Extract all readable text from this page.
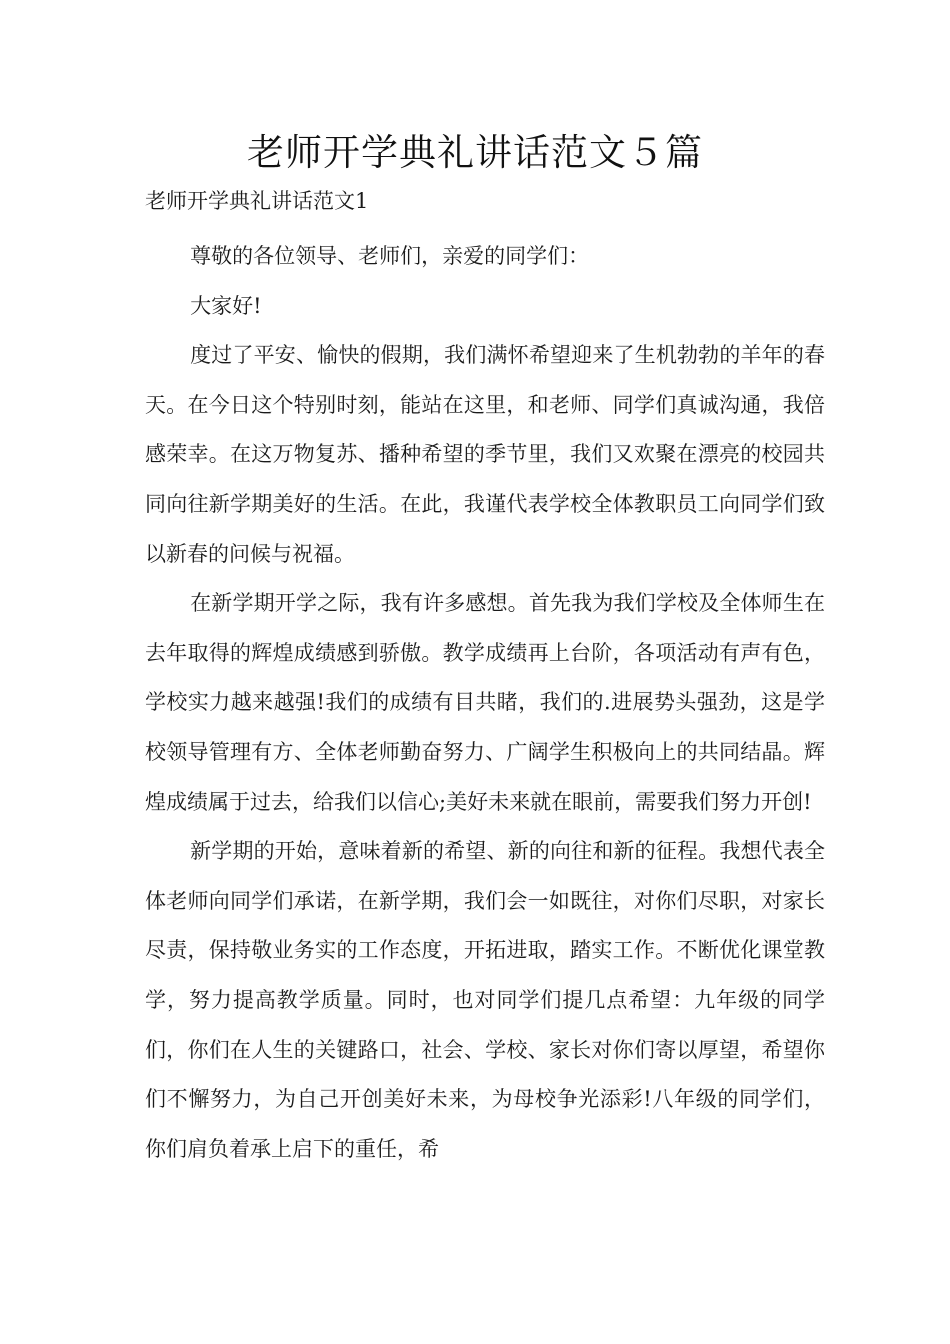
老师开学典礼讲话范文５篇
老师开学典礼讲话范文1

尊敬的各位领导、老师们，亲爱的同学们：

大家好!

度过了平安、愉快的假期，我们满怀希望迎来了生机勃勃的羊年的春天。在今日这个特别时刻，能站在这里，和老师、同学们真诚沟通，我倍感荣幸。在这万物复苏、播种希望的季节里，我们又欢聚在漂亮的校园共同向往新学期美好的生活。在此，我谨代表学校全体教职员工向同学们致以新春的问候与祝福。

在新学期开学之际，我有许多感想。首先我为我们学校及全体师生在去年取得的辉煌成绩感到骄傲。教学成绩再上台阶，各项活动有声有色，学校实力越来越强!我们的成绩有目共睹，我们的.进展势头强劲，这是学校领导管理有方、全体老师勤奋努力、广阔学生积极向上的共同结晶。辉煌成绩属于过去，给我们以信心;美好未来就在眼前，需要我们努力开创!

新学期的开始，意味着新的希望、新的向往和新的征程。我想代表全体老师向同学们承诺，在新学期，我们会一如既往，对你们尽职，对家长尽责，保持敬业务实的工作态度，开拓进取，踏实工作。不断优化课堂教学，努力提高教学质量。同时，也对同学们提几点希望：九年级的同学们，你们在人生的关键路口，社会、学校、家长对你们寄以厚望，希望你们不懈努力，为自己开创美好未来，为母校争光添彩!八年级的同学们，你们肩负着承上启下的重任，希
